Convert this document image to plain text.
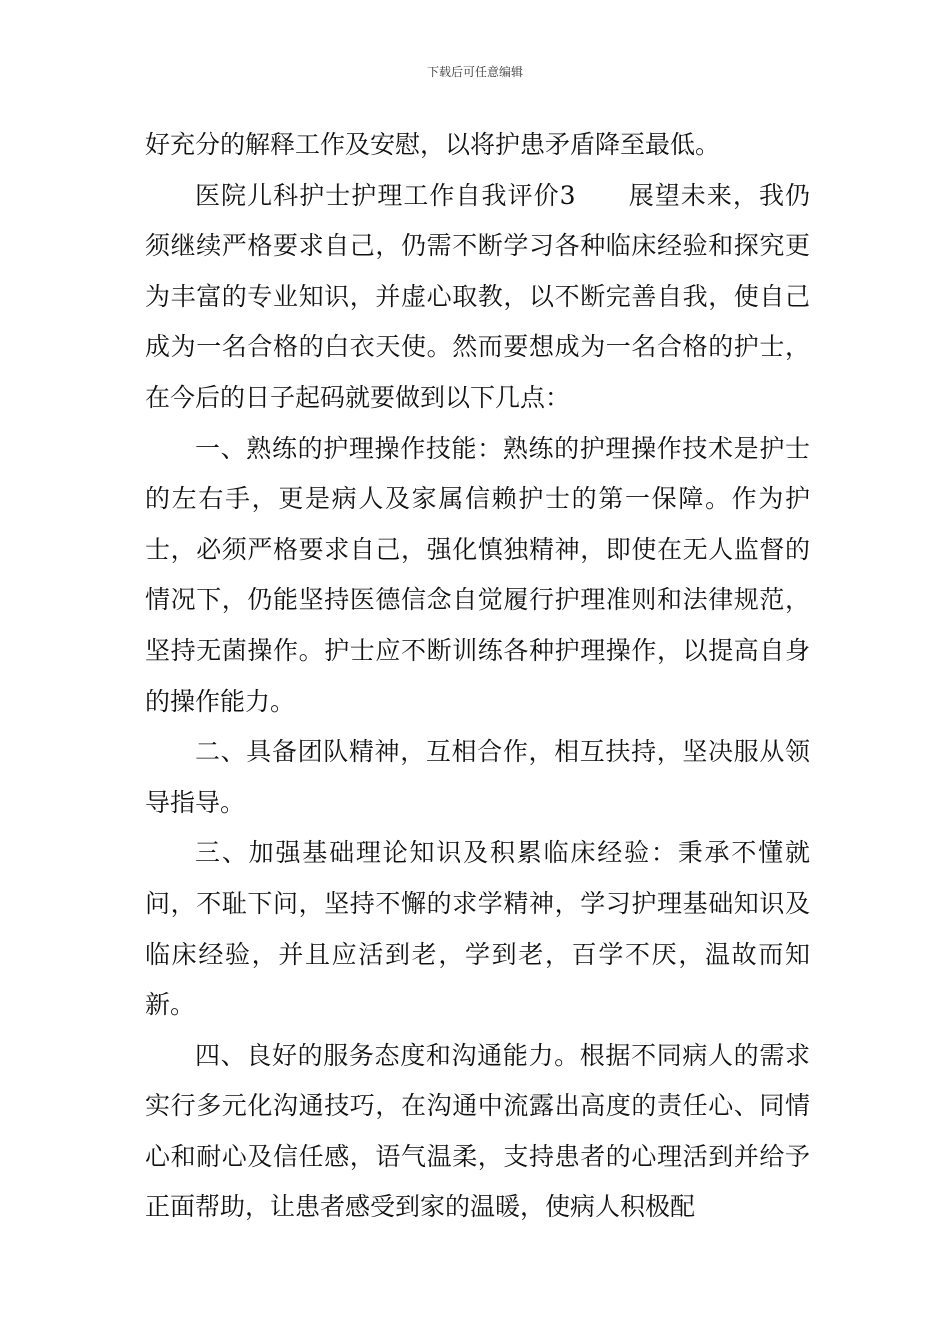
下载后可任意编辑

好充分的解释工作及安慰，以将护患矛盾降至最低。

医院儿科护士护理工作自我评价3　　展望未来，我仍须继续严格要求自己，仍需不断学习各种临床经验和探究更为丰富的专业知识，并虚心取教，以不断完善自我，使自己成为一名合格的白衣天使。然而要想成为一名合格的护士，在今后的日子起码就要做到以下几点：

一、熟练的护理操作技能：熟练的护理操作技术是护士的左右手，更是病人及家属信赖护士的第一保障。作为护士，必须严格要求自己，强化慎独精神，即使在无人监督的情况下，仍能坚持医德信念自觉履行护理准则和法律规范，坚持无菌操作。护士应不断训练各种护理操作，以提高自身的操作能力。

二、具备团队精神，互相合作，相互扶持，坚决服从领导指导。

三、加强基础理论知识及积累临床经验：秉承不懂就问，不耻下问，坚持不懈的求学精神，学习护理基础知识及临床经验，并且应活到老，学到老，百学不厌，温故而知新。

四、良好的服务态度和沟通能力。根据不同病人的需求实行多元化沟通技巧，在沟通中流露出高度的责任心、同情心和耐心及信任感，语气温柔，支持患者的心理活到并给予正面帮助，让患者感受到家的温暖，使病人积极配
